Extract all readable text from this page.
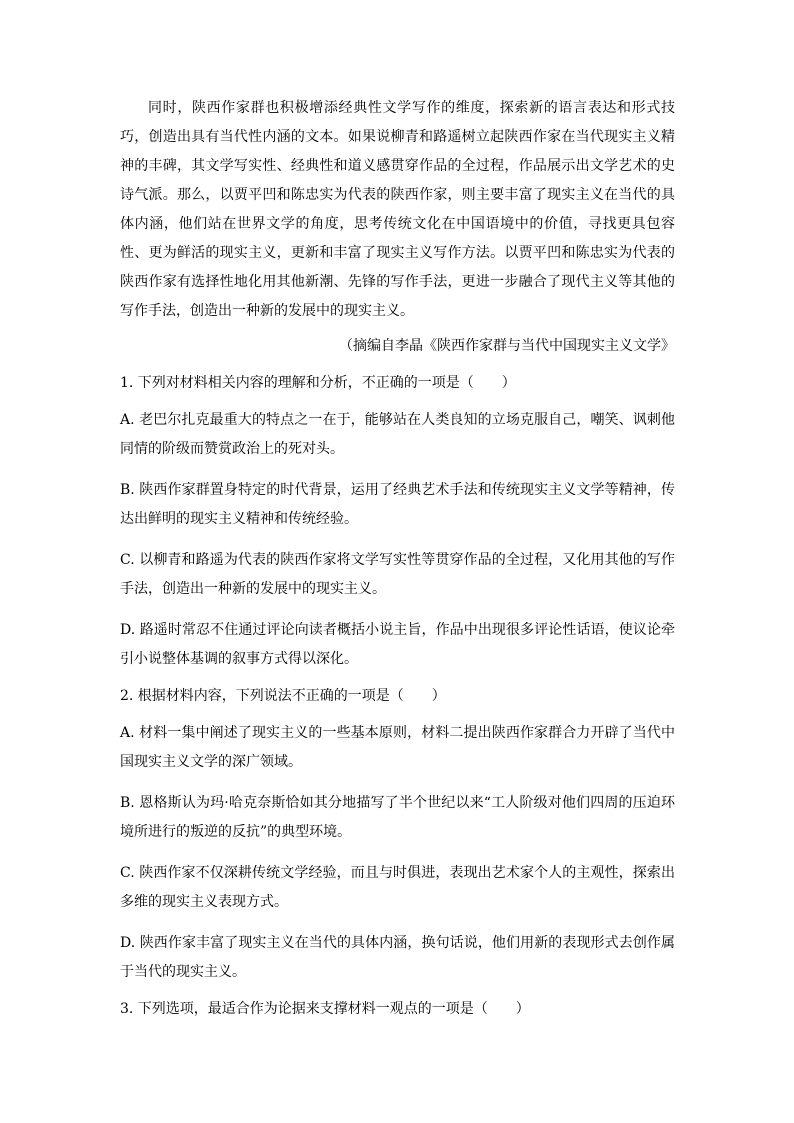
同时，陕西作家群也积极增添经典性文学写作的维度，探索新的语言表达和形式技巧，创造出具有当代性内涵的文本。如果说柳青和路遥树立起陕西作家在当代现实主义精神的丰碑，其文学写实性、经典性和道义感贯穿作品的全过程，作品展示出文学艺术的史诗气派。那么，以贾平凹和陈忠实为代表的陕西作家，则主要丰富了现实主义在当代的具体内涵，他们站在世界文学的角度，思考传统文化在中国语境中的价值，寻找更具包容性、更为鲜活的现实主义，更新和丰富了现实主义写作方法。以贾平凹和陈忠实为代表的陕西作家有选择性地化用其他新潮、先锋的写作手法，更进一步融合了现代主义等其他的写作手法，创造出一种新的发展中的现实主义。

（摘编自李晶《陕西作家群与当代中国现实主义文学》

1. 下列对材料相关内容的理解和分析，不正确的一项是（　　）

A. 老巴尔扎克最重大的特点之一在于，能够站在人类良知的立场克服自己，嘲笑、讽刺他同情的阶级而赞赏政治上的死对头。

B. 陕西作家群置身特定的时代背景，运用了经典艺术手法和传统现实主义文学等精神，传达出鲜明的现实主义精神和传统经验。

C. 以柳青和路遥为代表的陕西作家将文学写实性等贯穿作品的全过程，又化用其他的写作手法，创造出一种新的发展中的现实主义。

D. 路遥时常忍不住通过评论向读者概括小说主旨，作品中出现很多评论性话语，使议论牵引小说整体基调的叙事方式得以深化。

2. 根据材料内容，下列说法不正确的一项是（　　）

A. 材料一集中阐述了现实主义的一些基本原则，材料二提出陕西作家群合力开辟了当代中国现实主义文学的深广领域。

B. 恩格斯认为玛·哈克奈斯恰如其分地描写了半个世纪以来“工人阶级对他们四周的压迫环境所进行的叛逆的反抗”的典型环境。

C. 陕西作家不仅深耕传统文学经验，而且与时俱进，表现出艺术家个人的主观性，探索出多维的现实主义表现方式。

D. 陕西作家丰富了现实主义在当代的具体内涵，换句话说，他们用新的表现形式去创作属于当代的现实主义。

3. 下列选项，最适合作为论据来支撑材料一观点的一项是（　　）
